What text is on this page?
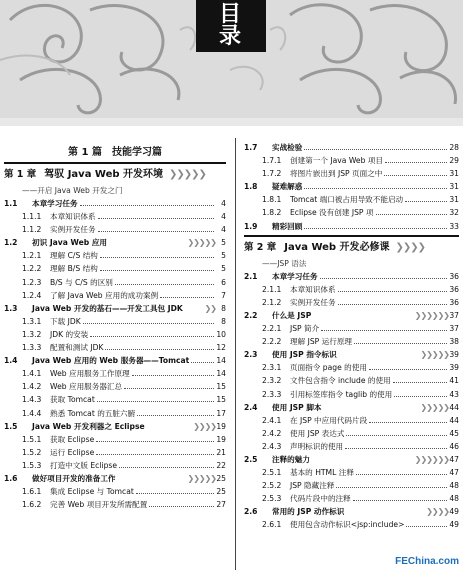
目录
第 1 篇　技能学习篇
第 1 章 驾驭 Java Web 开发环境 ❯❯❯❯❯
——开启 Java Web 开发之门
1.1	本章学习任务	4
1.1.1	本章知识体系	4
1.1.2	实例开发任务	4
1.2	初识 Java Web 应用	❯❯❯❯❯ 5
1.2.1	理解 C/S 结构	5
1.2.2	理解 B/S 结构	5
1.2.3	B/S 与 C/S 的区别	6
1.2.4	了解 Java Web 应用的成功案例	7
1.3	Java Web 开发的基石——开发工具包 JDK	❯❯ 8
1.3.1	下载 JDK	8
1.3.2	JDK 的安装	10
1.3.3	配置和测试 JDK	12
1.4	Java Web 应用的 Web 服务器——Tomcat	14
1.4.1	Web 应用服务工作原理	14
1.4.2	Web 应用服务器汇总	15
1.4.3	获取 Tomcat	15
1.4.4	熟悉 Tomcat 的五脏六腑	17
1.5	Java Web 开发利器之 Eclipse	❯❯❯❯ 19
1.5.1	获取 Eclipse	19
1.5.2	运行 Eclipse	21
1.5.3	打造中文版 Eclipse	22
1.6	做好项目开发的准备工作	❯❯❯❯❯ 25
1.6.1	集成 Eclipse 与 Tomcat	25
1.6.2	完善 Web 项目开发所需配置	27
1.7	实战检验	28
1.7.1	创建第一个 Java Web 项目	29
1.7.2	将图片嵌出到 JSP 页面之中	31
1.8	疑难解惑	31
1.8.1	Tomcat 端口被占用导致不能启动	31
1.8.2	Eclipse 没有创建 JSP 项	32
1.9	精彩回顾	33
第 2 章 Java Web 开发必修课 ❯❯❯❯
——JSP 语法
2.1	本章学习任务	36
2.1.1	本章知识体系	36
2.1.2	实例开发任务	36
2.2	什么是 JSP	❯❯❯❯❯❯ 37
2.2.1	JSP 简介	37
2.2.2	理解 JSP 运行原理	38
2.3	使用 JSP 指令标识	❯❯❯❯❯ 39
2.3.1	页面指令 page 的使用	39
2.3.2	文件包含指令 include 的使用	41
2.3.3	引用标签库指令 taglib 的使用	43
2.4	使用 JSP 脚本	❯❯❯❯❯ 44
2.4.1	在 JSP 中应用代码片段	44
2.4.2	使用 JSP 表达式	45
2.4.3	声明标识的使用	46
2.5	注释的魅力	❯❯❯❯❯❯ 47
2.5.1	基本的 HTML 注释	47
2.5.2	JSP 隐藏注释	48
2.5.3	代码片段中的注释	48
2.6	常用的 JSP 动作标识	❯❯❯❯ 49
2.6.1	使用包含动作标识<jsp:include>	49
FEChina.com
